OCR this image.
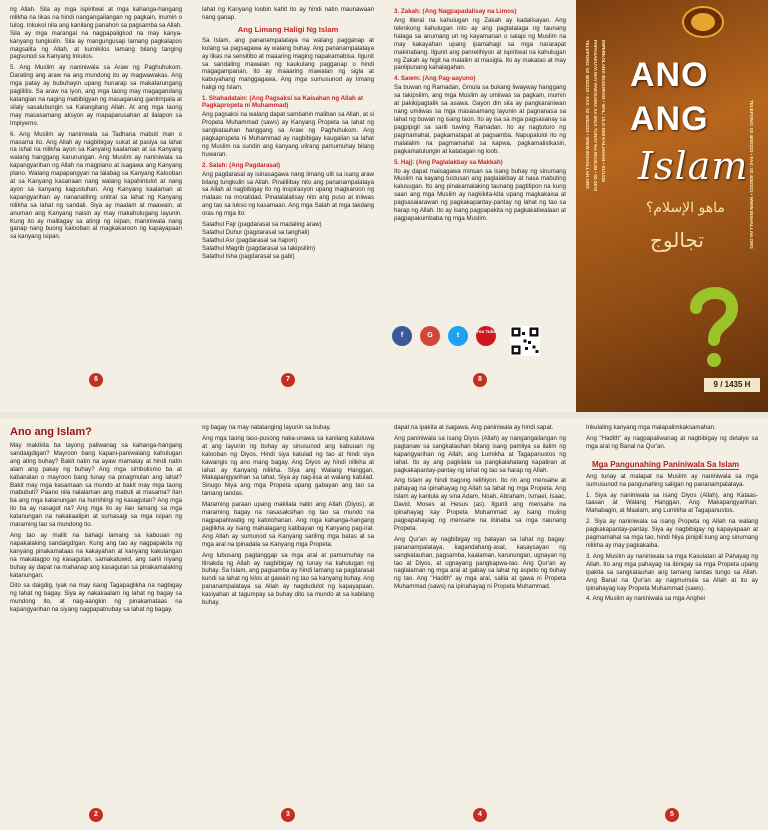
ng Allah. Sila ay mga ispiritwal at mga kahanga-hangang nilikha na likas na hindi nangangailangan ng pagkain, inumin o tulog. Inkukol nila ang kanilang panahon sa pagsamba sa Allah. Sila ay mga marangal na nagpapaligkod na may kanya-kanyang tungkulin. Sila ay mangungusap lamang pagkalapos magsalita ng Allah, at kumikilos lamang bilang tanging pagsunod sa Kanyang Inkulos.

5. Ang Muslim ay naniniwala sa Araw ng Paghuhukom. Darating ang araw na ang mundong ito ay magwawakas. Ang mga patay ay bubuhayin upang hunarap sa makatarungang paglilitis. Sa araw na iyon, ang mga taong may magagandang katangian na naging mabibigyan ng masaganang gantimpala at silaly sasalubungin sa Kalangitang Allah. At ang mga taong may masasamang aksyon ay mapaparusahan at ilalapon sa Impiyerno.

6. Ang Muslim ay naniniwala sa Tadhana mabuti man o masama ito. Ang Allah ay nagbibigay sukat at pasiya sa lahat na ishal na nilikha ayon sa Kanyang kaalaman at sa Kanyang walang hanggang karunungan. Ang Muslim ay naniniwala sa kapangyarihan ng Allah na magplano at isagawa ang Kanyang plano. Walang mapapangyari na lalabag sa Kanyang Kalooban at sa Kanyang kasanaan nang walang kapahintulot at nang ayon sa kanyang kagustuhan. Ang Kanyang kaalaman at kapangyarihan ay nananatiling unitral sa lahat ng Kanyang nilikha sa lahat ng sandali. Siya ay maalam at maawain, at anuman ang Kanyang naisin ay may makahulugang layunin. Kung ito ay malilagay sa atingi ng isipan, maniniwala nang ganap nang buong kalooban at magkakaroon ng kapayapaan sa kanyang isipan.

6

lahat ng Kanyang loobin kahit ito ay hindi natin maunawaan nang ganap.

Ang Limang Haligi Ng Islam

Sa Islam, ang pananampalataya na walang pagganap at kulang sa pagsagawa ay walang buhay. Ang pananampalataya ay likas na sensitibo at maaaring maging napakamabisa. Ilgunit sa sandaling mawalan ng kaukulang pagganap o hindi magagampanan, ito ay maaaring mawalan ng sigla at kabuyahang manggagawa. Ang mga sumusunod ay limang haligi ng Islam.

1. Shahadatain: (Ang Pagsaksi sa Kaisahan ng Allah at Pagkapropeta ni Muhammad)

Ang pagsaksi na walang dapat sambahin maliban sa Allah, at si Propeta Muhammad (saws) ay Kanyang Propeta sa lahat ng sangkatauhan hanggang sa Araw ng Paghuhukom. Ang pagkapropeta ni Muhammad ay nagbibigay kaugalian sa lahat ng Muslim na sundin ang kanyang ulirang pamumuhay bilang huwaran.

2. Salah: (Ang Pagdarasal)

Ang pagdarasal ay isinasagawa nang limang ulit sa isang araw bilang tungkulin sa Allah. Pinalilibay nito ang pananampalataya sa Allah at nagbibigay ito ng inspirasyon upang magkaroon ng mataas na moralidad. Pinalalalalisay nito ang puso at iniiwas ang tao sa lukso ng kasamaan. Ang mga Salah at mga takdang oras ng mga ito:

Salathul Fajr (pagdarasal sa madaling araw)
Salathul Duhur (pagdarasal sa tanghali)
Salathul Asr (pagdarasal sa hapon)
Salathul Magrib (pagdarasal sa takipsilim)
Salathul Isha (pagdarasal sa gabi)

7
3. Zakah: (Ang Nagpapadalisay na Limos)

Ang literal na kahulugan ng Zakah ay kadalisayan. Ang teknikong kahulugan nito ay ang pagtatalaga ng taunang halaga sa anumang uri ng kayamanan o salapi ng Muslim na may kakayahan upang ipamahagi sa mga nararapat makinabang. Ilgunit ang panrelihiyon at ispiritwal na kahulugan ng Zakah ay higit na malalim at masigla. Ito ay makatao at may panlipunang kahalagahan.

4. Sawm: (Ang Pag-aayuno)

Sa buwan ng Ramadan, Gmula sa bukang liwayway hanggang sa takipsilim, ang mga Muslim ay umiiwas sa pagkain, inumin at pakikipagtalik sa asawa. Gayon din sila ay pangkaraniwan nang umiiwas sa mga masasamang layunin at pagnanasa sa lahat ng buwan ng isang taon. Ito ay isa sa mga pagsasanay sa pagpipigil sa sarili tuwing Ramadan. Ito ay nagtuturo ng pagmamahal, pagkamatapat at pagsamba. Napupaluloi ito ng malalalim na pagmamahal sa kapwa, pagkamalistkasin, pagkamatulungin at katatagan ng loob.

5. Hajj: (Ang Paglalakbay sa Makkah)

Ito ay dapat maisagawa minsan sa isang buhay ng sinumang Muslim na kayang tustusan ang paglalakbay at nasa mabuting kalusugan. Ito ang pinakamalaking taunang pagtitipon na kung saan ang mga Muslim ay nagkikita-kita upang magkakaisa at pagsasalarawan ng pagkakapantay-pantay ng lahat ng tao sa harap ng Allah. Ito ay isang pagpapakita ng pagkakatiwalaan at pagpapakumbaba ng mga Muslim.

f	G	t
You Tube
8
TELEPONO: 02 4852222 • FAX: 02 4852223 • WWW.INSHALLAH.ORG PAPASAKUYA MAY PAKISAMA SA MGA TUNAY NA MUSLIM • 02-2872 INPERKOLANG BUSURIAN • WAL: ULO DIM KALIAHAN • 01/1435	TELEPONO: 02 4852222 • FAX: 02 4852223 • WWW.INSHALLAH.ORG
ANO
ANG
Islam
ماهو الإسلام؟
تجالوج
9 / 1435 H
Ano ang Islam?

May makikita ba tayong paliwanag sa kahanga-hangang sandaigdigan? Mayroon bang kapani-paniwalang kahulugan ang ating buhay? Bakit natin na ayaw mamatay at hindi natin alam ang pakay ng buhay? Ang mga simbolismo ba at kabanalan o mayroon bang tunay na pinagmulan ang lahat? Bakit may mga kasamaan sa mundo at bakit may mga taong mabubuti? Paano nila nalalaman ang mabuti at masama? Ilan ba ang mga katanungan na humihingi ng kasagutan? Ang mga ito ba ay nasagot na? Ang mga ito ay ilan lamang sa mga katanungan na nakakaalipin at sumasagi sa mga isipan ng maraming tao sa mundong ito.

Ang tao ay maliit na bahagi lamang sa kabuuan ng napakalaking sandaigdigan. Kung ang tao ay nagpapakita ng kanyang pinakamataas na kakayahan at kanyang kakulangan na makatagpo ng kasagutan, samakatuwid, ang sarili niyang buhay ay dapat na mahanap ang kasagutan sa pinakamalaking katanungan.

Dito sa daigdig, iyak na may isang Tagapaglikha na nagbigay ng lahat ng bagay. Siya ay nakakaalam ng lahat ng bagay sa mundong ito, at nag-aangkin ng pinakamataas na kapangyarihan na siyang nagpapatnubay sa lahat ng bagay.

2

ng bagay na may natatanging layunin sa buhay.

Ang mga taong laso-pusong naka-unawa sa kanilang kaluluwa at ang layunin ng buhay ay sinusunod ang kabuuan ng kalooban ng Diyos. Hindi siya katulad ng tao at hindi siya kawangis ng ano mang bagay. Ang Diyos ay hindi nilikha at lahat ay Kanyang nilikha. Siya ang Walang Hanggan, Makapangyarihan sa lahat, Siya ay nag-iisa at walang katulad. Sinugo Niya ang mga Propeta upang gabayan ang tao sa tamang landas.

Maraming paraan upang makilala natin ang Allah (Diyos), at maraming bagay na nasasaksihan ng tao sa mundo na nagpapahiwatig ng katotohanan. Ang mga kahanga-hangang paglikha ay isang mahalagang katibayan ng Kanyang pag-iral. Ang Allah ay sumunod sa Kanyang sariling mga batas at sa mga aral na ipinadala sa Kanyang mga Propeta.

Ang lubusang pagtanggap sa mga aral at pamumuhay na itinakda ng Allah ay nagbibigay ng tunay na kahulugan ng buhay. Sa Islam, ang pagsamba ay hindi lamang sa pagdarasal kundi sa lahat ng kilos at gawain ng tao sa kanyang buhay. Ang pananampalataya sa Allah ay nagdudulot ng kapayapaan, kasiyahan at tagumpay sa buhay dito sa mundo at sa kabilang buhay.

3

dapat na ipakita at isagawa. Ang paniniwala ay hindi sapat.

Ang paniniwala sa isang Diyos (Allah) ay nangangailangan ng pagtanaw sa sangkatauhan bilang isang pamilya sa ilalim ng kapangyarihan ng Allah, ang Lumikha at Tagapanustos ng lahat. Ito ay ang pagkilala sa pangkalahatang kapatiran at pagkakapantay-pantay ng lahat ng tao sa harap ng Allah.

Ang Islam ay hindi bagong relihiyon. Ito rin ang mensahe at pahayag na ipinahayag ng Allah sa lahat ng mga Propeta. Ang Islam ay kantula ay sina Adam, Noah, Abraham, Ismael, Isaac, David, Moses at Hesus (as). Ilgunit ang mensahe na ipinahayag kay Propeta Muhammad ay isang muling pagpapahayag ng mensahe na ibinaba sa mga naunang Propeta.

Ang Qur'an ay nagbibigay ng batayan sa lahat ng bagay: pananampalataya, kagandahang-asal, kasaysayan ng sangkatauhan, pagsamba, kaalaman, karunungan, ugnayan ng tao at Diyos, at ugnayang pangkapwa-tao. Ang Qur'an ay naglalaman ng mga aral at gabay sa lahat ng aspeto ng buhay ng tao. Ang "Hadith" ay mga aral, sallia at gawa ni Propeta Muhammad (saws) na ipinahayag ni Propeta Muhammad.

4

Inkulaling kanyang mga malapalimkaksamahan.

Ang "Hadith" ay nagpapaliwanag at nagbibigay ng detalye sa mga aral ng Banal na Qur'an.

Mga Pangunahing Paniniwala Sa Islam

Ang tunay at malapat na Muslim ay naniniwala sa mga sumusunod na pangunahing saligan ng pananampalataya.

1. Siya ay naniniwala sa isang Diyos (Allah), ang Kataas-taasan at Walang Hanggan, Ang Makapangyarihan, Mahabagin, at Maalam, ang Lumikha at Tagapanustos.

2. Siya ay naniniwala sa isang Propeta ng Allah na walang pagkakapantay-pantay. Siya ay nagbibigay ng kapayapaan at pagmamahal sa mga tao, hindi Niya pinipili kung ang sinumang nilikha ay may pagkakaiba.

3. Ang Muslim ay naniniwala sa mga Kasulatan at Pahayag ng Allah. Ito ang mga pahayag na ibinigay sa mga Propeta upang ipakita sa sangkatauhan ang tamang landas tungo sa Allah. Ang Banal na Qur'an ay nagmumula sa Allah at ito ay ipinahayag kay Propeta Muhammad (saws).

4. Ang Muslim ay naniniwala sa mga Anghel

5
